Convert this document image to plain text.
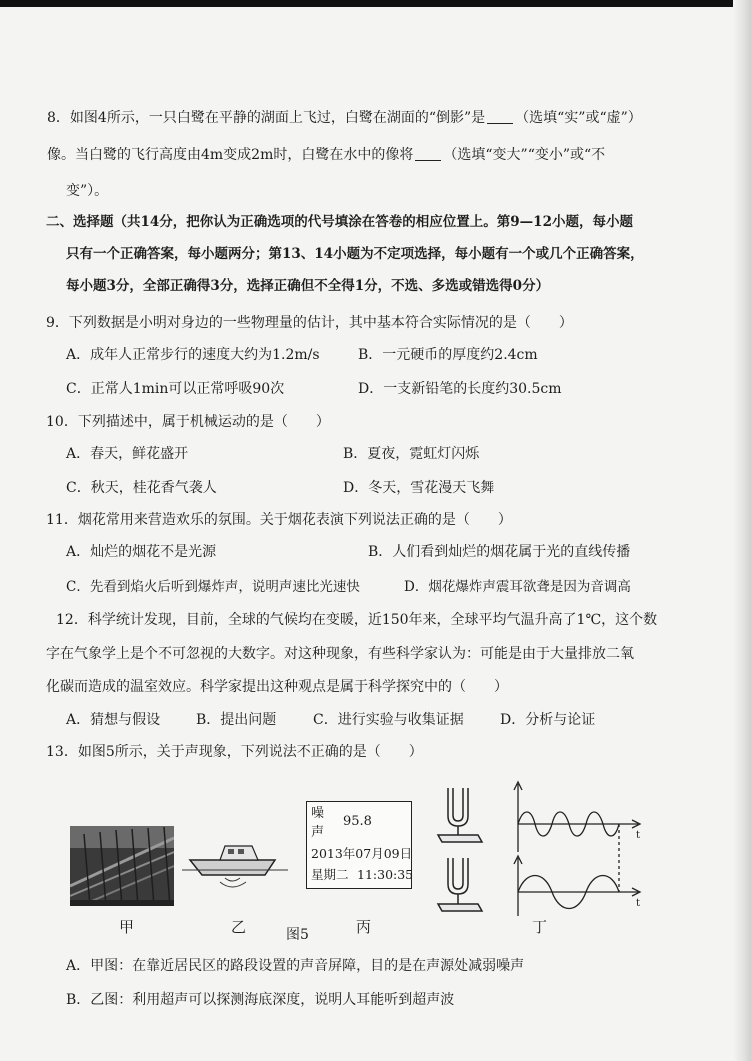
8．如图4所示，一只白鹭在平静的湖面上飞过，白鹭在湖面的“倒影”是 （选填“实”或“虚”）
像。当白鹭的飞行高度由4m变成2m时，白鹭在水中的像将 （选填“变大”“变小”或“不
变”）。
二、选择题（共14分，把你认为正确选项的代号填涂在答卷的相应位置上。第9—12小题，每小题
只有一个正确答案，每小题两分；第13、14小题为不定项选择，每小题有一个或几个正确答案，
每小题3分，全部正确得3分，选择正确但不全得1分，不选、多选或错选得0分）
9．下列数据是小明对身边的一些物理量的估计，其中基本符合实际情况的是（　　）
A．成年人正常步行的速度大约为1.2m/s	B．一元硬币的厚度约2.4cm
C．正常人1min可以正常呼吸90次	D．一支新铅笔的长度约30.5cm
10．下列描述中，属于机械运动的是（　　）
A．春天，鲜花盛开	B．夏夜，霓虹灯闪烁
C．秋天，桂花香气袭人	D．冬天，雪花漫天飞舞
11．烟花常用来营造欢乐的氛围。关于烟花表演下列说法正确的是（　　）
A．灿烂的烟花不是光源	B．人们看到灿烂的烟花属于光的直线传播
C．先看到焰火后听到爆炸声，说明声速比光速快	D．烟花爆炸声震耳欲聋是因为音调高
12．科学统计发现，目前，全球的气候均在变暖，近150年来，全球平均气温升高了1℃，这个数
字在气象学上是个不可忽视的大数字。对这种现象，有些科学家认为：可能是由于大量排放二氧
化碳而造成的温室效应。科学家提出这种观点是属于科学探究中的（　　）
A．猜想与假设	B．提出问题	C．进行实验与收集证据	D．分析与论证
13．如图5所示，关于声现象，下列说法不正确的是（　　）
噪
声
95.8
2013年07月09日
星期二 11:30:35
t
t
甲	乙	图5	丙	丁
A．甲图：在靠近居民区的路段设置的声音屏障，目的是在声源处减弱噪声
B．乙图：利用超声可以探测海底深度，说明人耳能听到超声波
